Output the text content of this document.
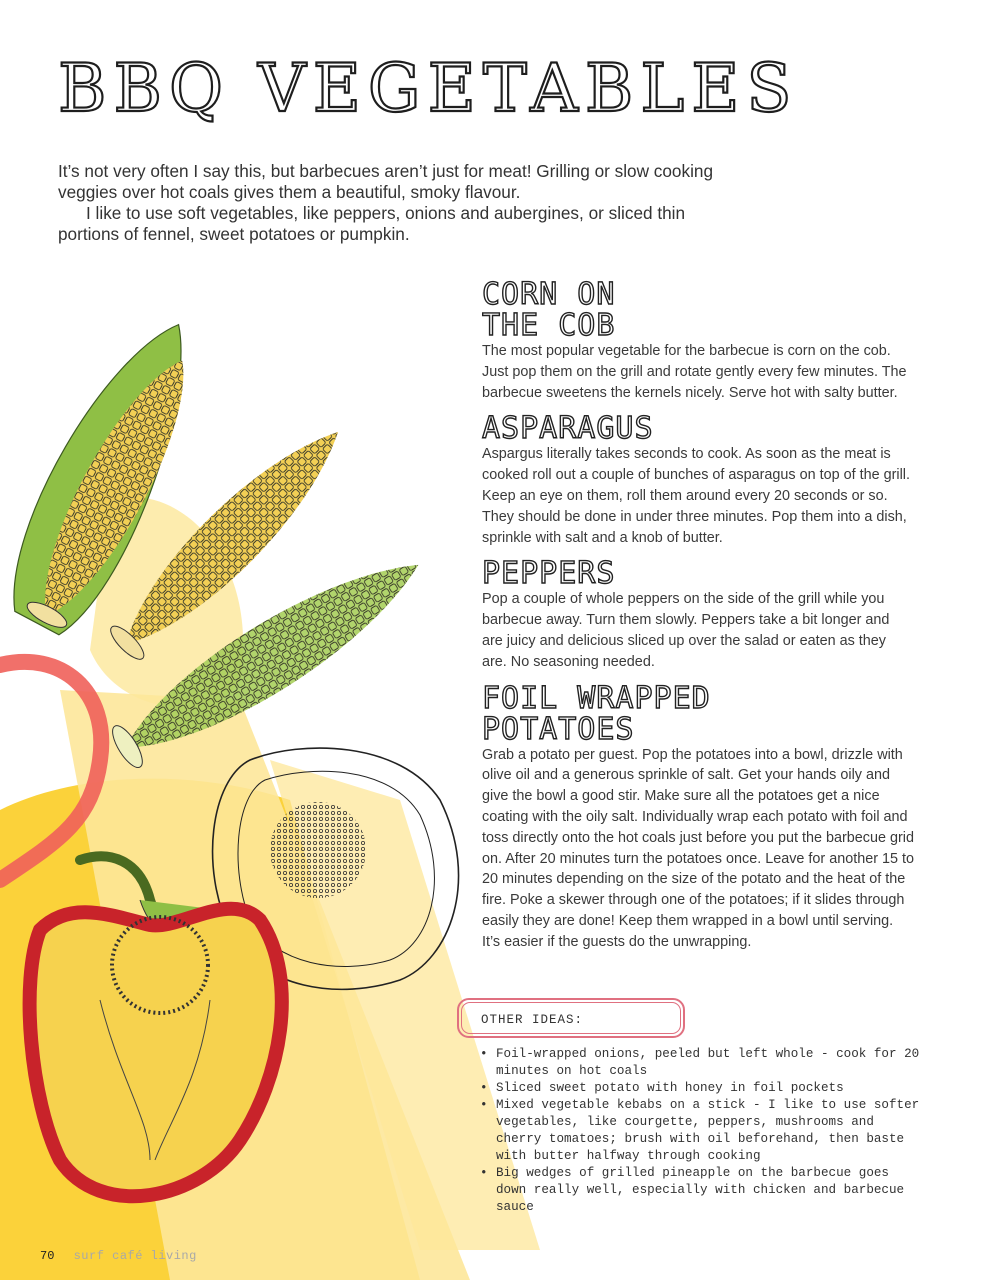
BBQ VEGETABLES

It’s not very often I say this, but barbecues aren’t just for meat! Grilling or slow cooking veggies over hot coals gives them a beautiful, smoky flavour.

I like to use soft vegetables, like peppers, onions and aubergines, or sliced thin portions of fennel, sweet potatoes or pumpkin.

CORN ON
THE COB

The most popular vegetable for the barbecue is corn on the cob. Just pop them on the grill and rotate gently every few minutes. The barbecue sweetens the kernels nicely. Serve hot with salty butter.

ASPARAGUS

Aspargus literally takes seconds to cook. As soon as the meat is cooked roll out a couple of bunches of asparagus on top of the grill. Keep an eye on them, roll them around every 20 seconds or so. They should be done in under three minutes. Pop them into a dish, sprinkle with salt and a knob of butter.

PEPPERS

Pop a couple of whole peppers on the side of the grill while you barbecue away. Turn them slowly. Peppers take a bit longer and are juicy and delicious sliced up over the salad or eaten as they are. No seasoning needed.

FOIL WRAPPED
POTATOES

Grab a potato per guest. Pop the potatoes into a bowl, drizzle with olive oil and a generous sprinkle of salt. Get your hands oily and give the bowl a good stir. Make sure all the potatoes get a nice coating with the oily salt. Individually wrap each potato with foil and toss directly onto the hot coals just before you put the barbecue grid on. After 20 minutes turn the potatoes once. Leave for another 15 to 20 minutes depending on the size of the potato and the heat of the fire. Poke a skewer through one of the potatoes; if it slides through easily they are done! Keep them wrapped in a bowl until serving. It’s easier if the guests do the unwrapping.

OTHER IDEAS:
• Foil-wrapped onions, peeled but left whole - cook for 20 minutes on hot coals
• Sliced sweet potato with honey in foil pockets
• Mixed vegetable kebabs on a stick - I like to use softer vegetables, like courgette, peppers, mushrooms and cherry tomatoes; brush with oil beforehand, then baste with butter halfway through cooking
• Big wedges of grilled pineapple on the barbecue goes down really well, especially with chicken and barbecue sauce
70 surf café living
